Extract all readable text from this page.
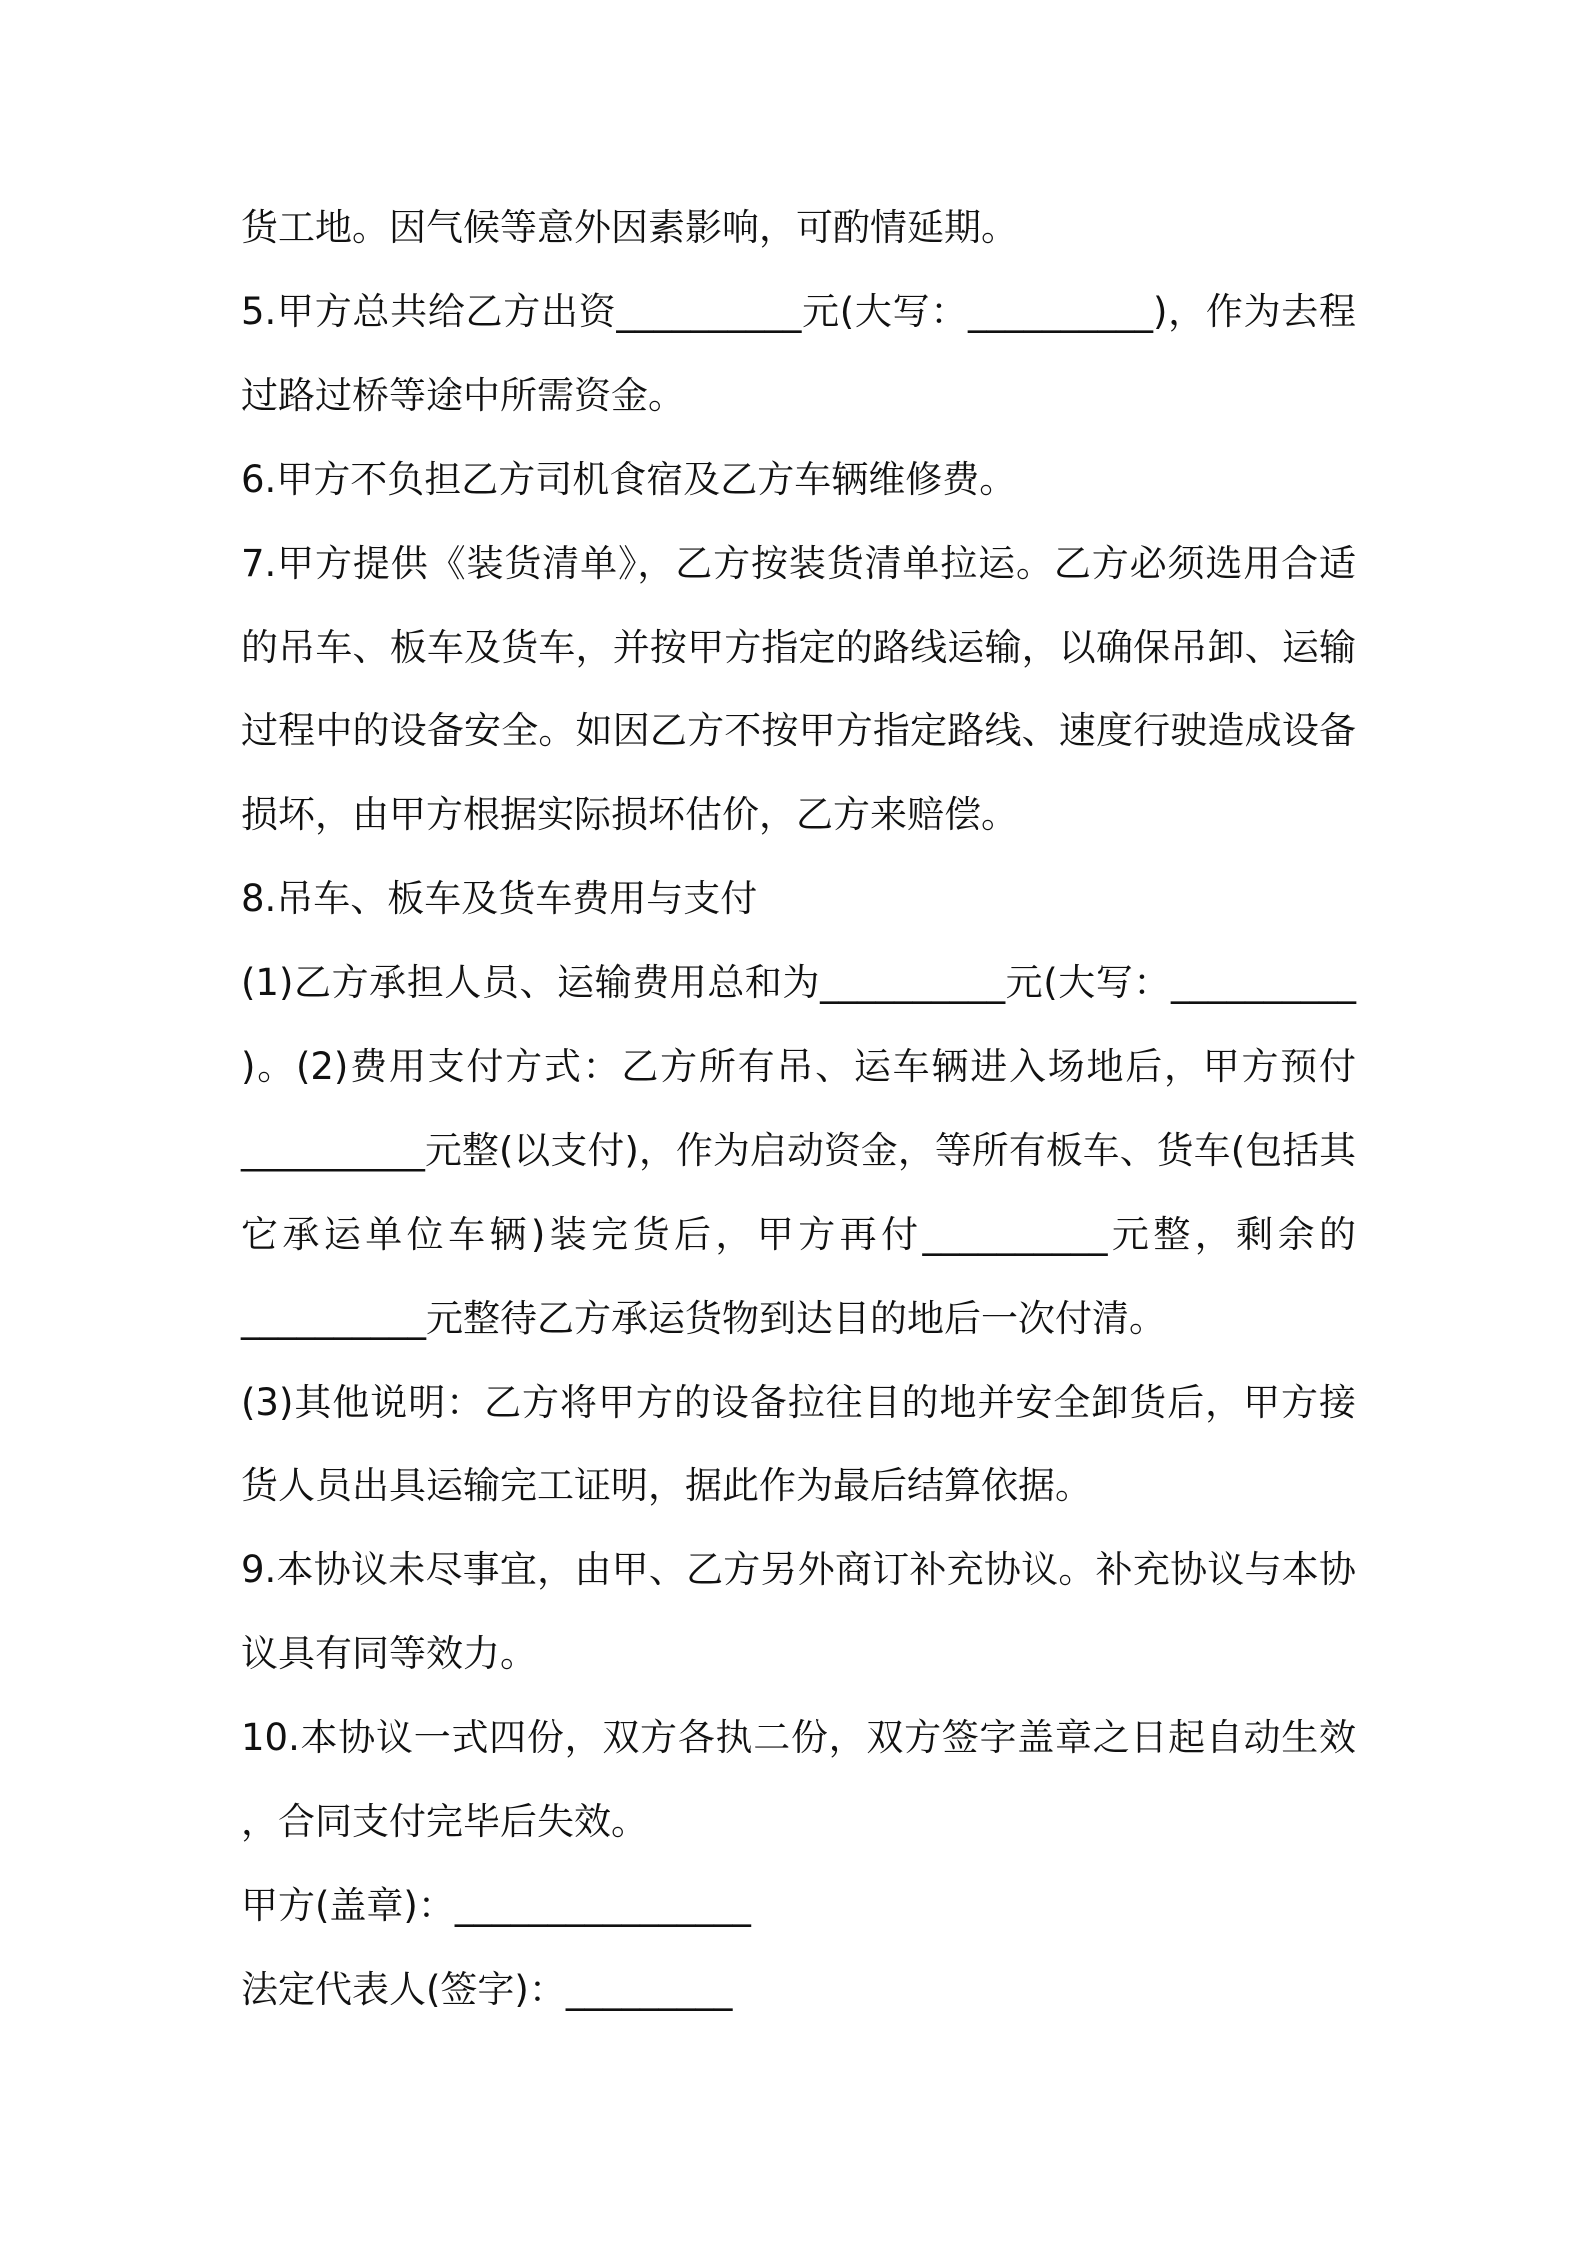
货工地。因气候等意外因素影响，可酌情延期。
5.甲方总共给乙方出资__________元(大写：__________)，作为去程
过路过桥等途中所需资金。
6.甲方不负担乙方司机食宿及乙方车辆维修费。
7.甲方提供《装货清单》，乙方按装货清单拉运。乙方必须选用合适
的吊车、板车及货车，并按甲方指定的路线运输，以确保吊卸、运输
过程中的设备安全。如因乙方不按甲方指定路线、速度行驶造成设备
损坏，由甲方根据实际损坏估价，乙方来赔偿。
8.吊车、板车及货车费用与支付
(1)乙方承担人员、运输费用总和为__________元(大写：__________
)。(2)费用支付方式：乙方所有吊、运车辆进入场地后，甲方预付
__________元整(以支付)，作为启动资金，等所有板车、货车(包括其
它承运单位车辆)装完货后，甲方再付__________元整，剩余的
__________元整待乙方承运货物到达目的地后一次付清。
(3)其他说明：乙方将甲方的设备拉往目的地并安全卸货后，甲方接
货人员出具运输完工证明，据此作为最后结算依据。
9.本协议未尽事宜，由甲、乙方另外商订补充协议。补充协议与本协
议具有同等效力。
10.本协议一式四份，双方各执二份，双方签字盖章之日起自动生效
，合同支付完毕后失效。
甲方(盖章)：________________
法定代表人(签字)：_________
